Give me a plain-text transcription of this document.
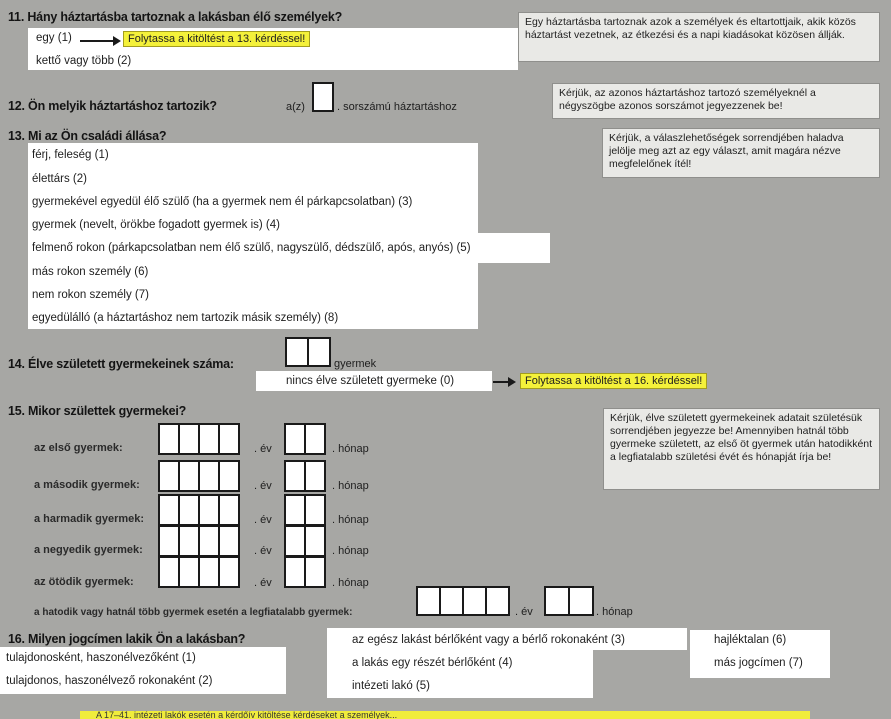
11. Hány háztartásba tartoznak a lakásban élő személyek?
egy (1)	Folytassa a kitöltést a 13. kérdéssel!
kettő vagy több (2)
Egy háztartásba tartoznak azok a személyek és eltartottjaik, akik közös háztartást vezetnek, az étkezési és a napi kiadásokat közösen állják.
12. Ön melyik háztartáshoz tartozik?	a(z)	. sorszámú háztartáshoz
Kérjük, az azonos háztartáshoz tartozó személyeknél a négyszögbe azonos sorszámot jegyezzenek be!
13. Mi az Ön családi állása?
férj, feleség (1)
élettárs (2)
gyermekével egyedül élő szülő (ha a gyermek nem él párkapcsolatban) (3)
gyermek (nevelt, örökbe fogadott gyermek is) (4)
felmenő rokon (párkapcsolatban nem élő szülő, nagyszülő, dédszülő, após, anyós) (5)
más rokon személy (6)
nem rokon személy (7)
egyedülálló (a háztartáshoz nem tartozik másik személy) (8)
Kérjük, a válaszlehetőségek sorrendjében haladva jelölje meg azt az egy választ, amit magára nézve megfelelőnek ítél!
14. Élve született gyermekeinek száma:	gyermek
nincs élve született gyermeke (0)	Folytassa a kitöltést a 16. kérdéssel!
15. Mikor születtek gyermekei?
az első gyermek:	. év	. hónap
a második gyermek:	. év	. hónap
a harmadik gyermek:	. év	. hónap
a negyedik gyermek:	. év	. hónap
az ötödik gyermek:	. év	. hónap
a hatodik vagy hatnál több gyermek esetén a legfiatalabb gyermek:	. év	. hónap
Kérjük, élve született gyermekeinek adatait születésük sorrendjében jegyezze be! Amennyiben hatnál több gyermeke született, az első öt gyermek után hatodikként a legfiatalabb születési évét és hónapját írja be!
16. Milyen jogcímen lakik Ön a lakásban?
tulajdonosként, haszonélvezőként (1)
tulajdonos, haszonélvező rokonaként (2)
az egész lakást bérlőként vagy a bérlő rokonaként (3)
a lakás egy részét bérlőként (4)
intézeti lakó (5)
hajléktalan (6)
más jogcímen (7)
A 17–41. intézeti lakók esetén a kérdőív kitöltése kérdéseket a személyek...
